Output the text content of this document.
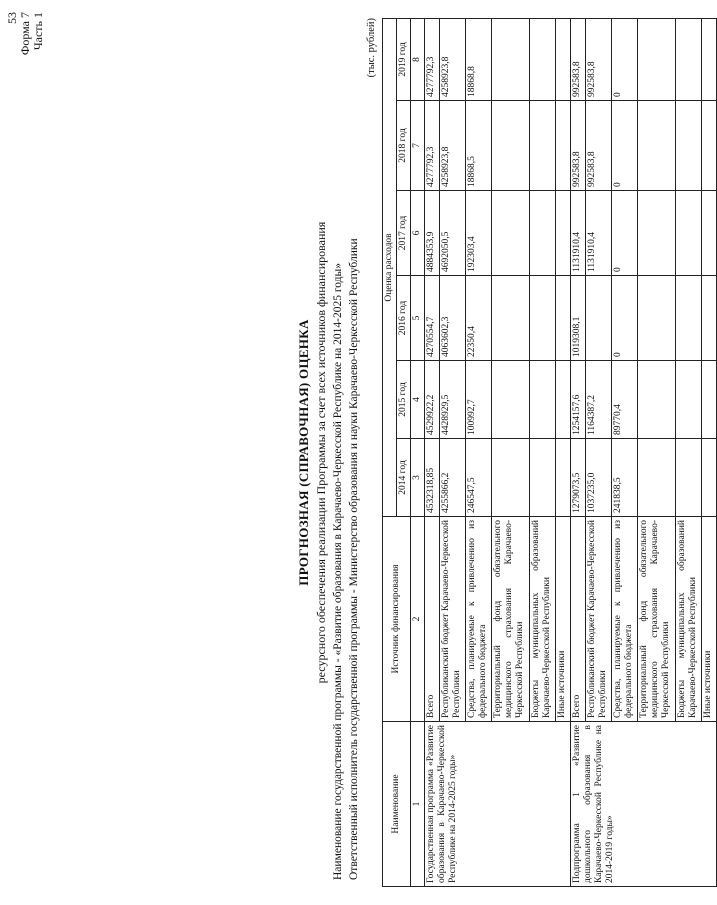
53 Форма 7 Часть 1
ПРОГНОЗНАЯ (СПРАВОЧНАЯ) ОЦЕНКА ресурсного обеспечения реализации Программы за счет всех источников финансирования Наименование государственной программы - «Развитие образования в Карачаево-Черкесской Республике на 2014-2025 годы» Ответственный исполнитель государственной программы - Министерство образования и науки Карачаево-Черкесской Республики
(тыс. рублей)
Наименование	Источник финансирования	Оценка расходов					
		2014 год	2015 год	2016 год	2017 год	2018 год	2019 год
1	2	3	4	5	6	7	8
Государственная программа «Развитие образования в Карачаево-Черкесской Республике на 2014-2025 годы»	Всего	4532318,85	4529922,2	4270554,7	4884353,9	4277792,3	4277792,3
	Республиканский бюджет Карачаево-Черкесской Республики	4255866,2	4428929,5	4063602,3	4692050,5	4258923,8	4258923,8
	Средства, планируемые к привлечению из федерального бюджета	246547,5	100992,7	22350,4	192303,4	18868,5	18868,8
	Территориальный фонд обязательного медицинского страхования Карачаево-Черкесской Республики						
	Бюджеты муниципальных образований Карачаево-Черкесской Республики						
	Иные источники						
Подпрограмма 1 «Развитие дошкольного образования в Карачаево-Черкесской Республике на 2014-2019 годы»	Всего	1279073,5	1254157,6	1019308,1	1131910,4	992583,8	992583,8
	Республиканский бюджет Карачаево-Черкесской Республики	1037235,0	1164387,2		1131910,4	992583,8	992583,8
	Средства, планируемые к привлечению из федерального бюджета	241838,5	89770,4	0	0	0	0
	Территориальный фонд обязательного медицинского страхования Карачаево-Черкесской Республики						
	Бюджеты муниципальных образований Карачаево-Черкесской Республики						
	Иные источники						
